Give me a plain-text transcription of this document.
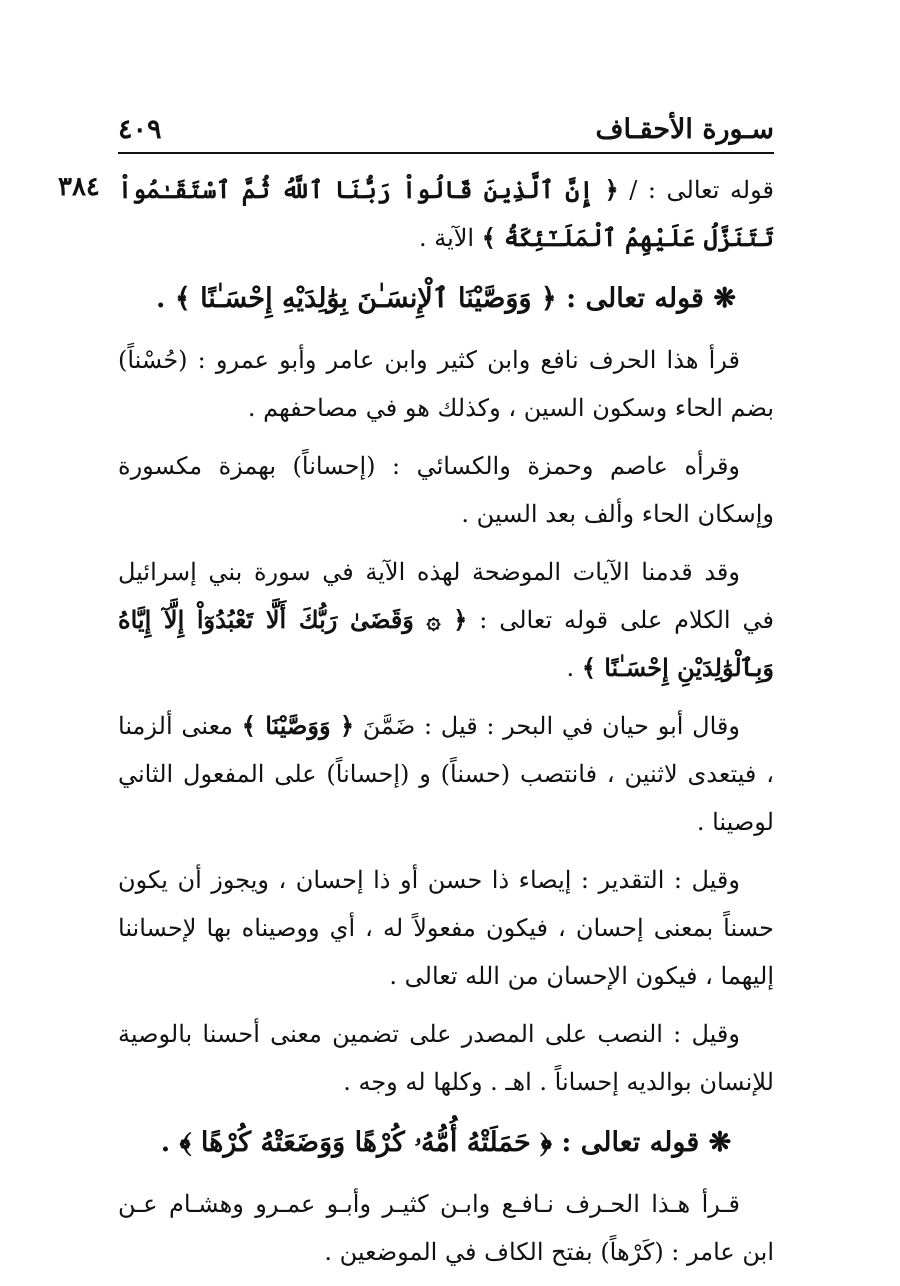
سـورة الأحقـاف
٤٠٩
٣٨٤	قوله تعالى : / ﴿ إِنَّ ٱلَّذِينَ قَالُواْ رَبُّنَا ٱللَّهُ ثُمَّ ٱسْتَقَـٰمُواْ تَتَنَزَّلُ عَلَيْهِمُ ٱلْمَلَـٰٓئِكَةُ ﴾ الآية .

❋ قوله تعالى : ﴿ وَوَصَّيْنَا ٱلْإِنسَـٰنَ بِوَٰلِدَيْهِ إِحْسَـٰنًا ﴾ .

قرأ هذا الحرف نافع وابن كثير وابن عامر وأبو عمرو : (حُسْناً) بضم الحاء وسكون السين ، وكذلك هو في مصاحفهم .

وقرأه عاصم وحمزة والكسائي : (إحساناً) بهمزة مكسورة وإسكان الحاء وألف بعد السين .

وقد قدمنا الآيات الموضحة لهذه الآية في سورة بني إسرائيل في الكلام على قوله تعالى : ﴿ ۞ وَقَضَىٰ رَبُّكَ أَلَّا تَعْبُدُوٓاْ إِلَّآ إِيَّاهُ وَبِٱلْوَٰلِدَيْنِ إِحْسَـٰنًا ﴾ .

وقال أبو حيان في البحر : قيل : ضَمَّنَ ﴿ وَوَصَّيْنَا ﴾ معنى ألزمنا ، فيتعدى لاثنين ، فانتصب (حسناً) و (إحساناً) على المفعول الثاني لوصينا .

وقيل : التقدير : إيصاء ذا حسن أو ذا إحسان ، ويجوز أن يكون حسناً بمعنى إحسان ، فيكون مفعولاً له ، أي ووصيناه بها لإحساننا إليهما ، فيكون الإحسان من الله تعالى .

وقيل : النصب على المصدر على تضمين معنى أحسنا بالوصية للإنسان بوالديه إحساناً . اهـ . وكلها له وجه .

❋ قوله تعالى : ﴿ حَمَلَتْهُ أُمُّهُۥ كُرْهًا وَوَضَعَتْهُ كُرْهًا ﴾ .

قـرأ هـذا الحـرف نـافـع وابـن كثيـر وأبـو عمـرو وهشـام عـن ابن عامر : (كَرْهاً) بفتح الكاف في الموضعين .
